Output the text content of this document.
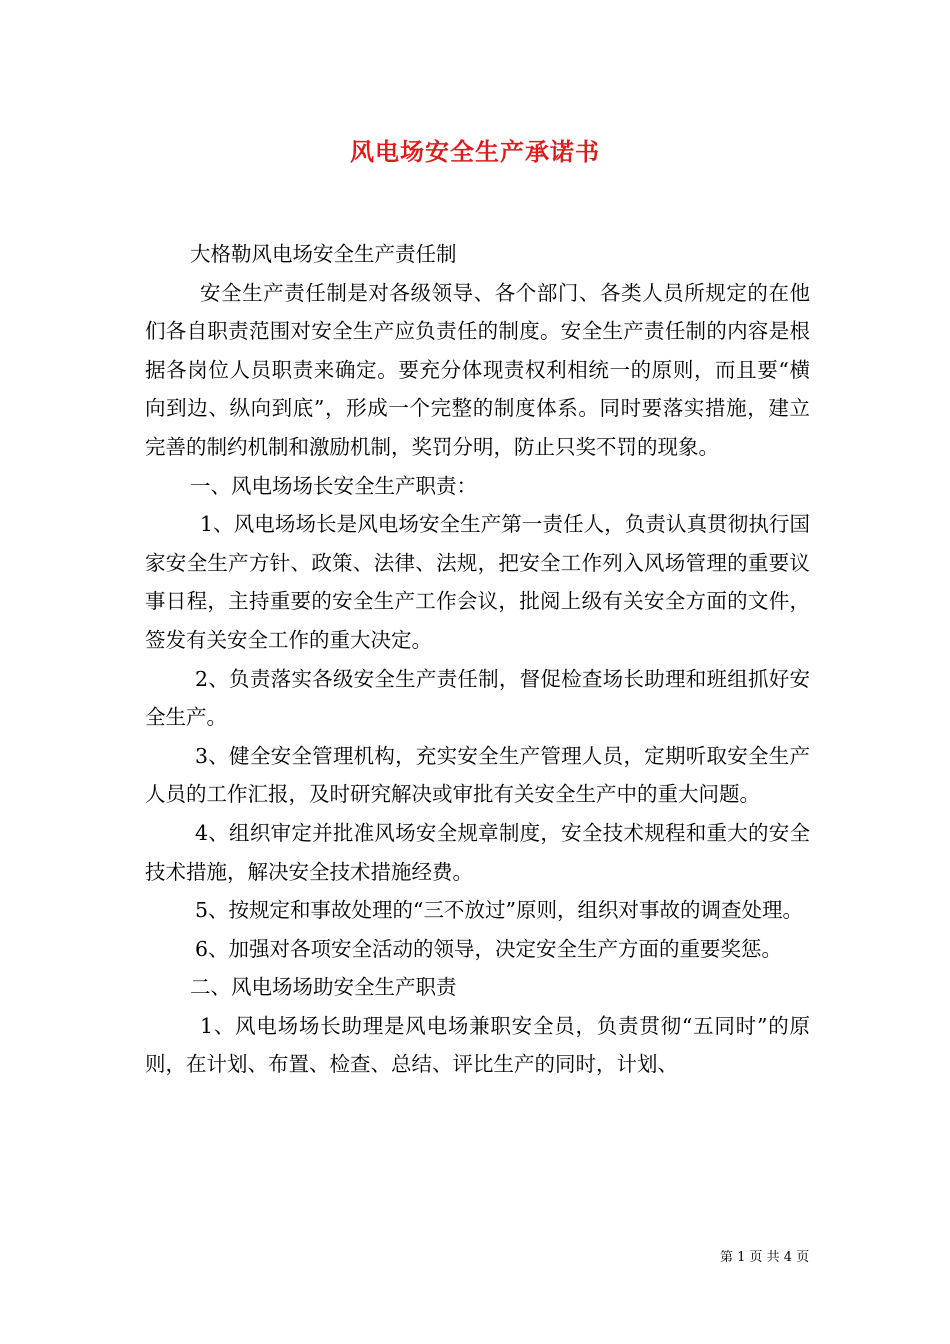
风电场安全生产承诺书

大格勒风电场安全生产责任制

安全生产责任制是对各级领导、各个部门、各类人员所规定的在他们各自职责范围对安全生产应负责任的制度。安全生产责任制的内容是根据各岗位人员职责来确定。要充分体现责权利相统一的原则，而且要“横向到边、纵向到底”，形成一个完整的制度体系。同时要落实措施，建立完善的制约机制和激励机制，奖罚分明，防止只奖不罚的现象。

一、风电场场长安全生产职责：

1、风电场场长是风电场安全生产第一责任人，负责认真贯彻执行国家安全生产方针、政策、法律、法规，把安全工作列入风场管理的重要议事日程，主持重要的安全生产工作会议，批阅上级有关安全方面的文件，签发有关安全工作的重大决定。

2、负责落实各级安全生产责任制，督促检查场长助理和班组抓好安全生产。

3、健全安全管理机构，充实安全生产管理人员，定期听取安全生产人员的工作汇报，及时研究解决或审批有关安全生产中的重大问题。

4、组织审定并批准风场安全规章制度，安全技术规程和重大的安全技术措施，解决安全技术措施经费。

5、按规定和事故处理的“三不放过”原则，组织对事故的调查处理。

6、加强对各项安全活动的领导，决定安全生产方面的重要奖惩。

二、风电场场助安全生产职责

1、风电场场长助理是风电场兼职安全员，负责贯彻“五同时”的原则，在计划、布置、检查、总结、评比生产的同时，计划、

第 1 页 共 4 页
